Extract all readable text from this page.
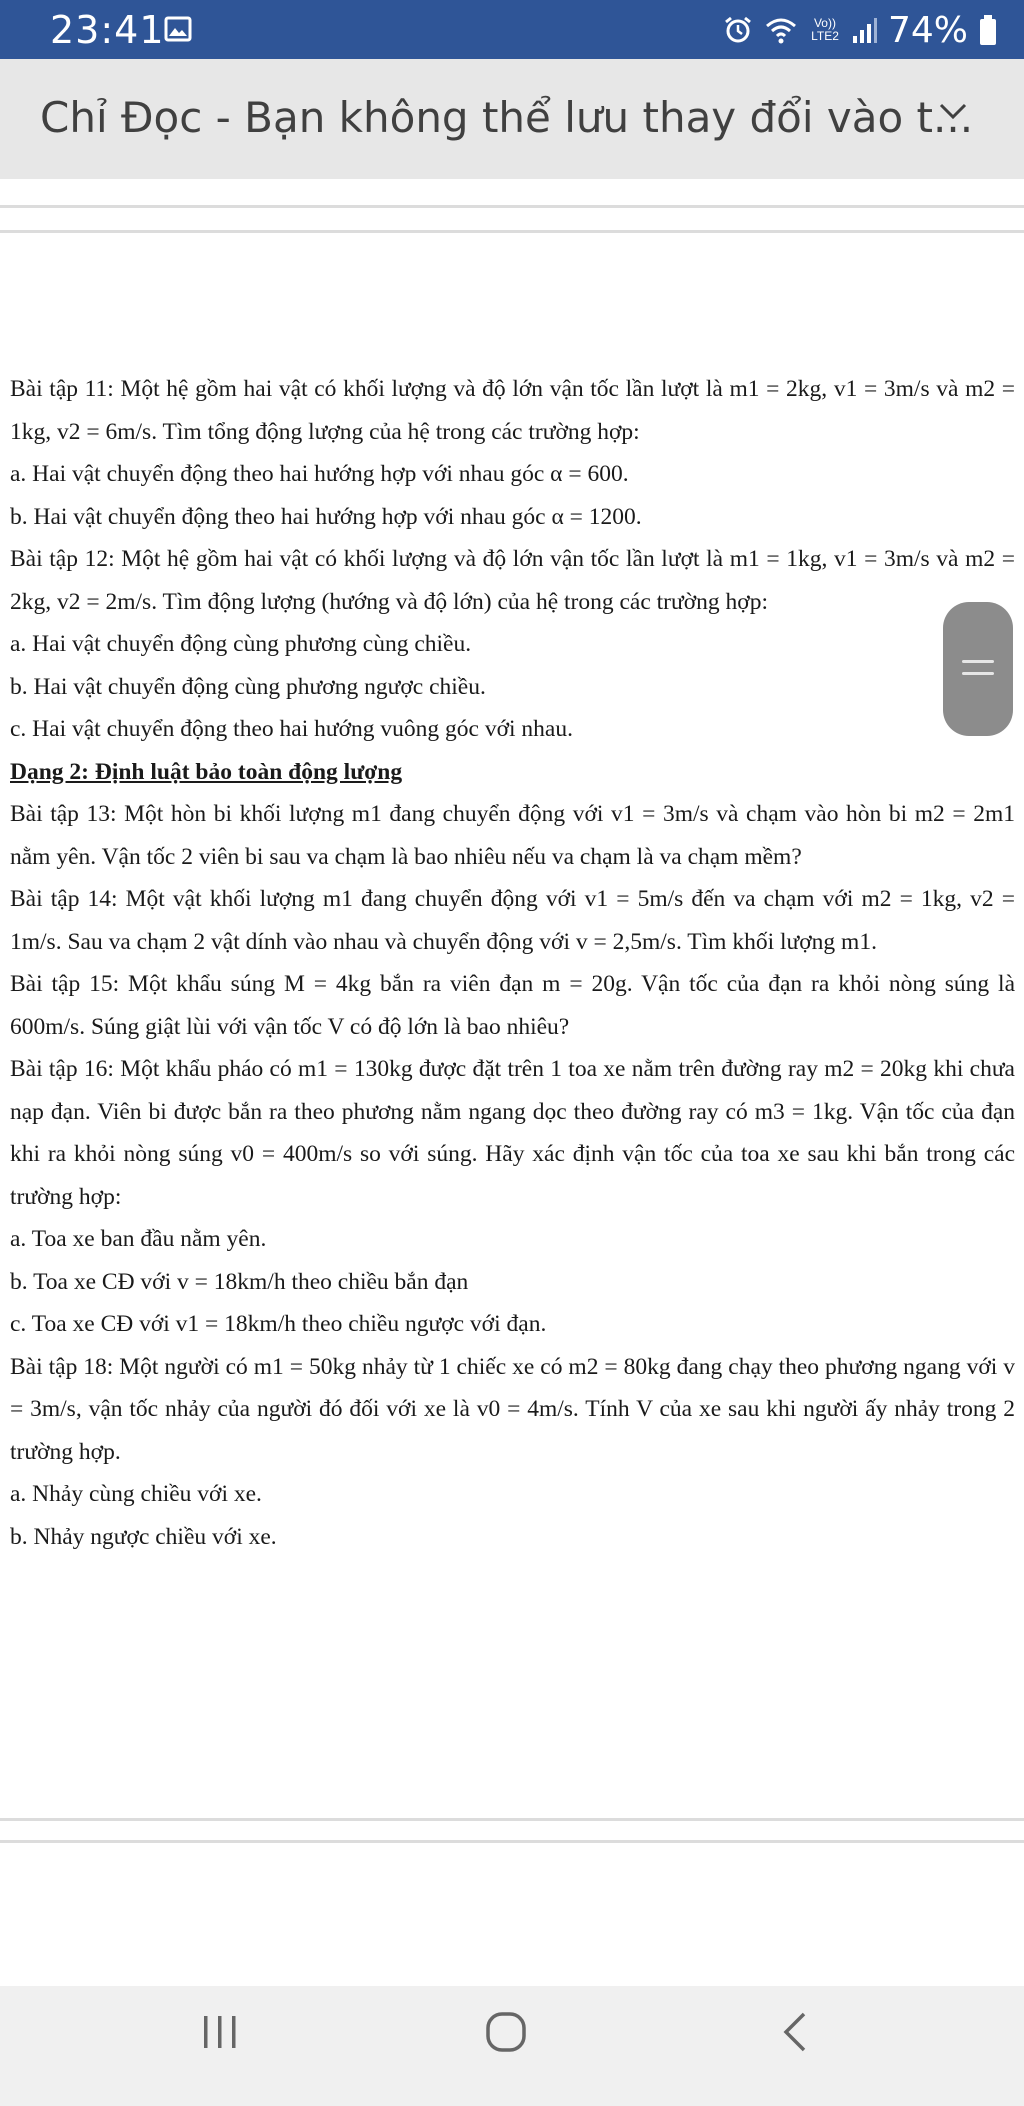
23:41	Vo)) LTE2 74%
Chỉ Đọc - Bạn không thể lưu thay đổi vào t...

Bài tập 11: Một hệ gồm hai vật có khối lượng và độ lớn vận tốc lần lượt là m1 = 2kg, v1 = 3m/s và m2 = 1kg, v2 = 6m/s. Tìm tổng động lượng của hệ trong các trường hợp:

a. Hai vật chuyển động theo hai hướng hợp với nhau góc α = 600.

b. Hai vật chuyển động theo hai hướng hợp với nhau góc α = 1200.

Bài tập 12: Một hệ gồm hai vật có khối lượng và độ lớn vận tốc lần lượt là m1 = 1kg, v1 = 3m/s và m2 = 2kg, v2 = 2m/s. Tìm động lượng (hướng và độ lớn) của hệ trong các trường hợp:

a. Hai vật chuyển động cùng phương cùng chiều.

b. Hai vật chuyển động cùng phương ngược chiều.

c. Hai vật chuyển động theo hai hướng vuông góc với nhau.

Dạng 2: Định luật bảo toàn động lượng

Bài tập 13: Một hòn bi khối lượng m1 đang chuyển động với v1 = 3m/s và chạm vào hòn bi m2 = 2m1 nằm yên. Vận tốc 2 viên bi sau va chạm là bao nhiêu nếu va chạm là va chạm mềm?

Bài tập 14: Một vật khối lượng m1 đang chuyển động với v1 = 5m/s đến va chạm với m2 = 1kg, v2 = 1m/s. Sau va chạm 2 vật dính vào nhau và chuyển động với v = 2,5m/s. Tìm khối lượng m1.

Bài tập 15: Một khẩu súng M = 4kg bắn ra viên đạn m = 20g. Vận tốc của đạn ra khỏi nòng súng là 600m/s. Súng giật lùi với vận tốc V có độ lớn là bao nhiêu?

Bài tập 16: Một khẩu pháo có m1 = 130kg được đặt trên 1 toa xe nằm trên đường ray m2 = 20kg khi chưa nạp đạn. Viên bi được bắn ra theo phương nằm ngang dọc theo đường ray có m3 = 1kg. Vận tốc của đạn khi ra khỏi nòng súng v0 = 400m/s so với súng. Hãy xác định vận tốc của toa xe sau khi bắn trong các trường hợp:

a. Toa xe ban đầu nằm yên.

b. Toa xe CĐ với v = 18km/h theo chiều bắn đạn

c. Toa xe CĐ với v1 = 18km/h theo chiều ngược với đạn.

Bài tập 18: Một người có m1 = 50kg nhảy từ 1 chiếc xe có m2 = 80kg đang chạy theo phương ngang với v = 3m/s, vận tốc nhảy của người đó đối với xe là v0 = 4m/s. Tính V của xe sau khi người ấy nhảy trong 2 trường hợp.

a. Nhảy cùng chiều với xe.

b. Nhảy ngược chiều với xe.
